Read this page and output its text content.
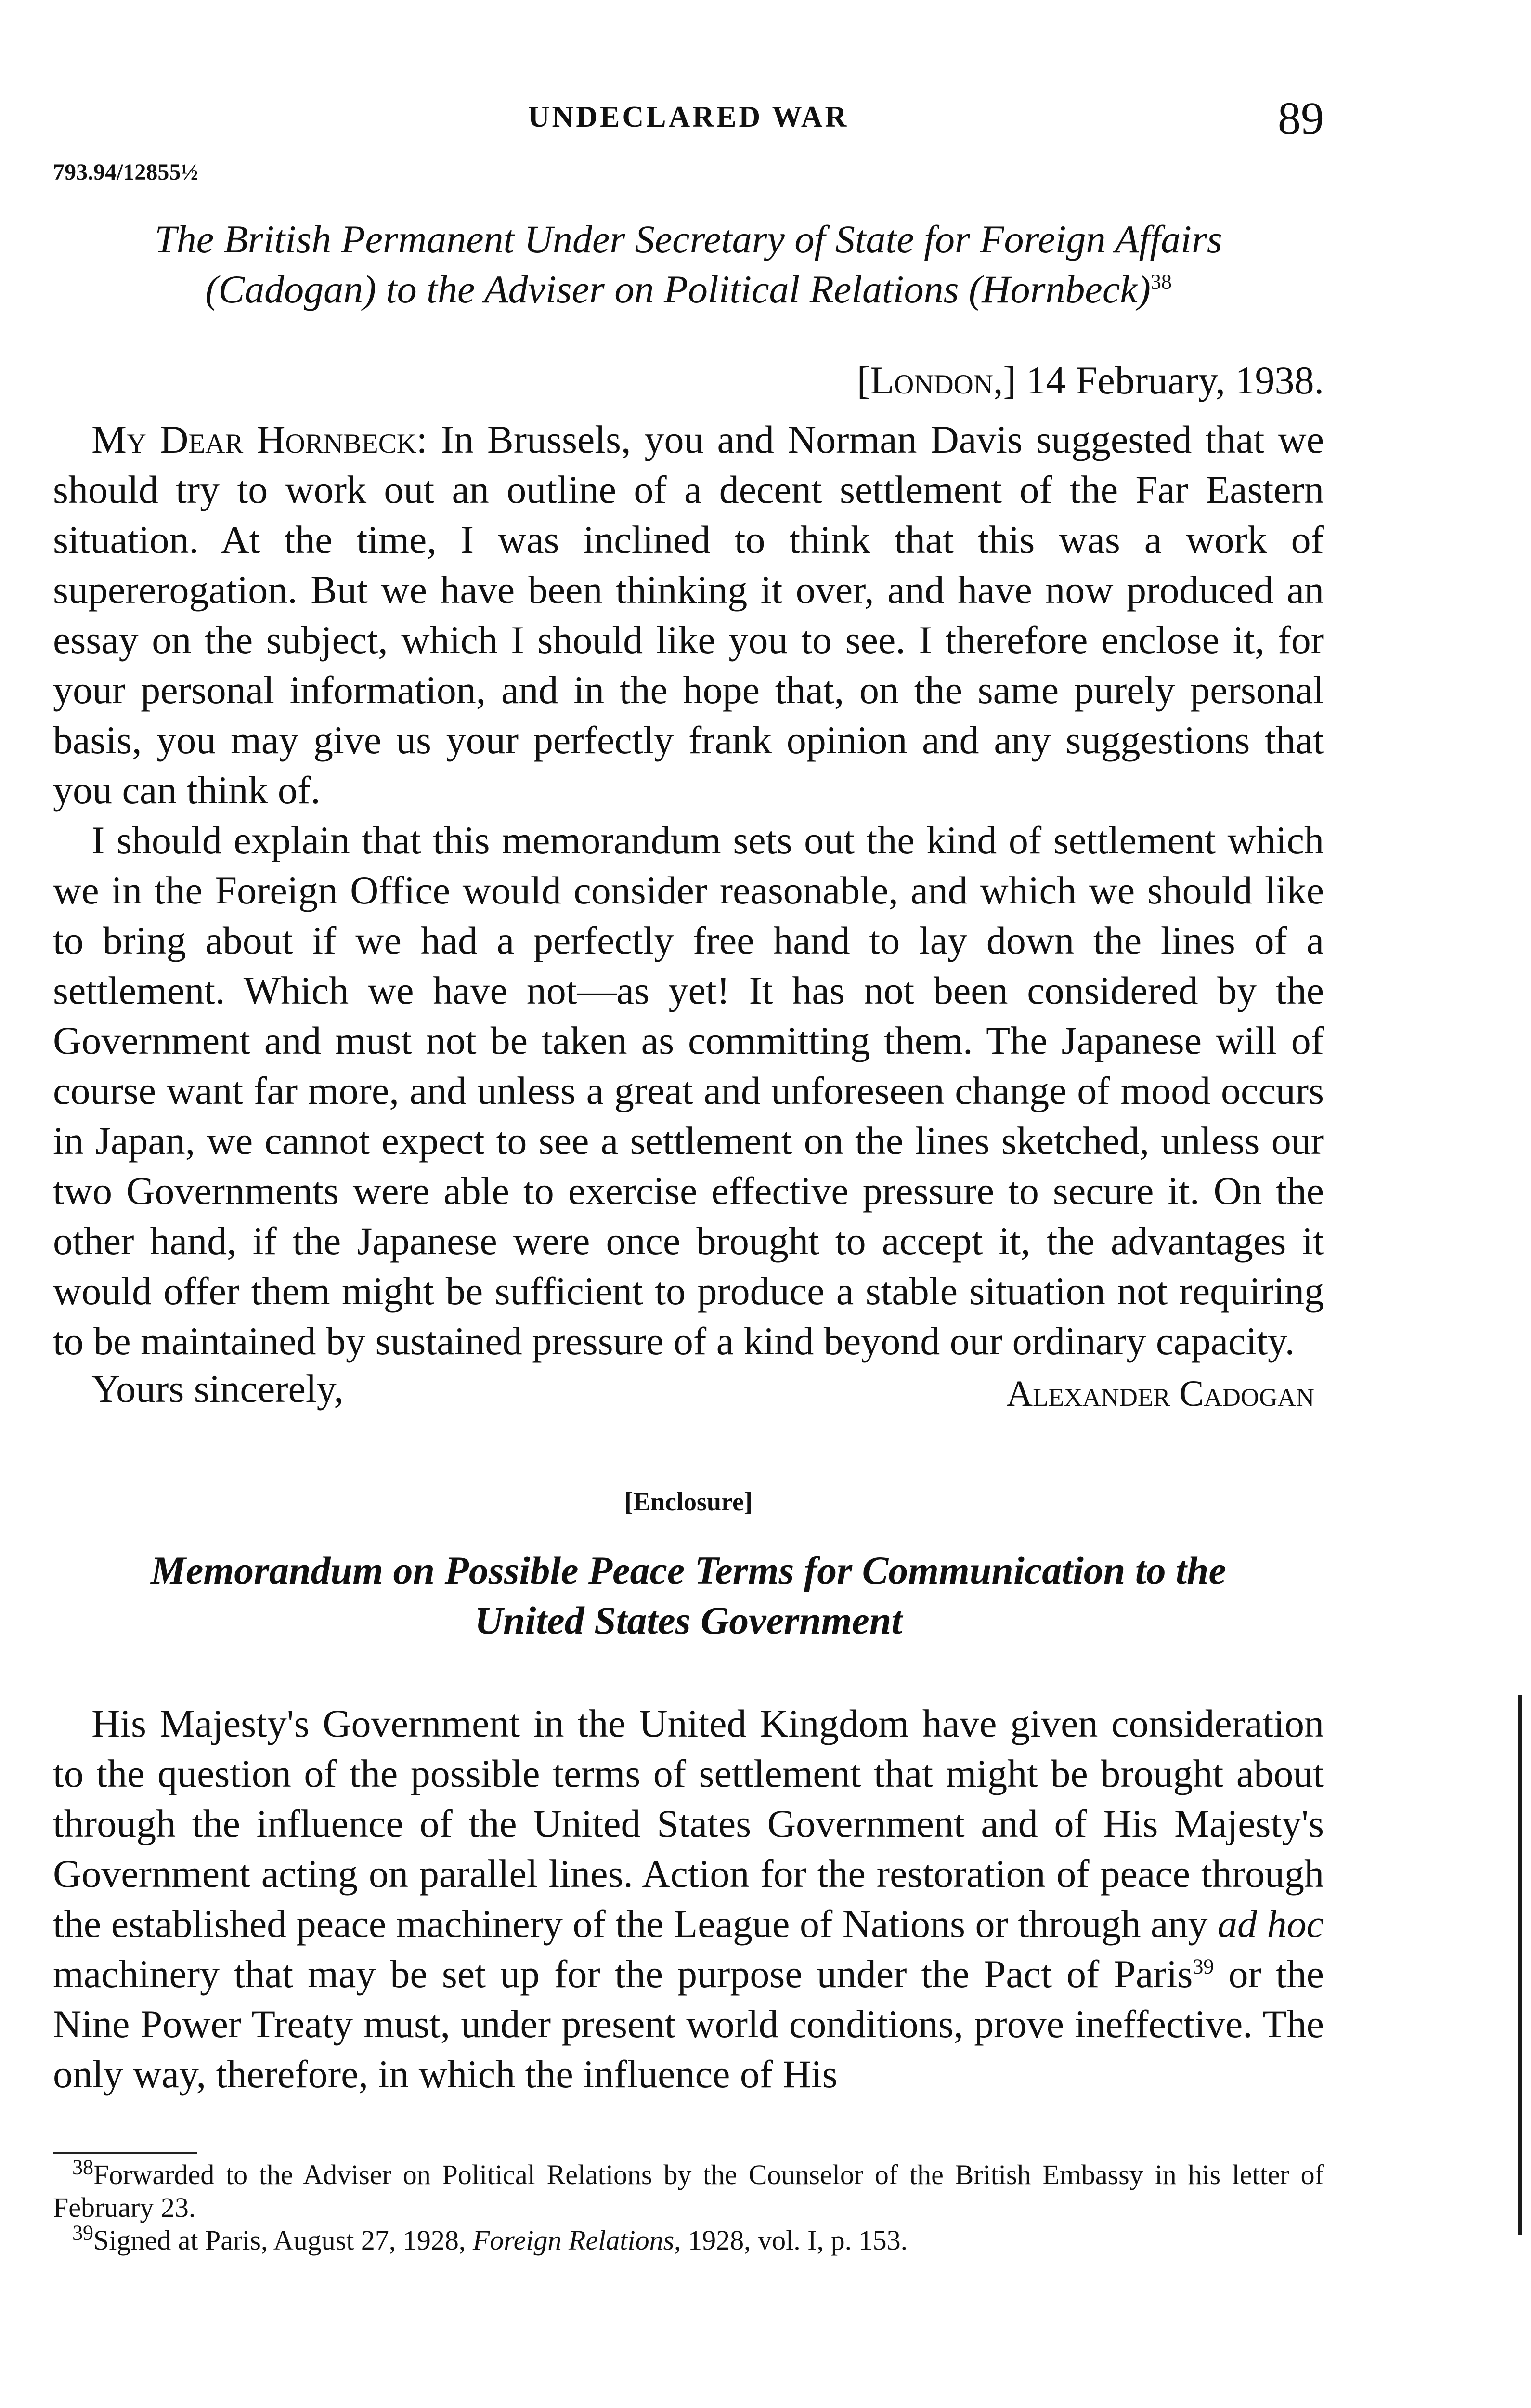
UNDECLARED WAR	89
793.94/12855½
The British Permanent Under Secretary of State for Foreign Affairs
(Cadogan) to the Adviser on Political Relations (Hornbeck)$^{38}$
[London,] 14 February, 1938.

My Dear Hornbeck: In Brussels, you and Norman Davis suggested that we should try to work out an outline of a decent settlement of the Far Eastern situation. At the time, I was inclined to think that this was a work of supererogation. But we have been thinking it over, and have now produced an essay on the subject, which I should like you to see. I therefore enclose it, for your personal information, and in the hope that, on the same purely personal basis, you may give us your perfectly frank opinion and any suggestions that you can think of.

I should explain that this memorandum sets out the kind of settlement which we in the Foreign Office would consider reasonable, and which we should like to bring about if we had a perfectly free hand to lay down the lines of a settlement. Which we have not—as yet! It has not been considered by the Government and must not be taken as committing them. The Japanese will of course want far more, and unless a great and unforeseen change of mood occurs in Japan, we cannot expect to see a settlement on the lines sketched, unless our two Governments were able to exercise effective pressure to secure it. On the other hand, if the Japanese were once brought to accept it, the advantages it would offer them might be sufficient to produce a stable situation not requiring to be maintained by sustained pressure of a kind beyond our ordinary capacity.

Yours sincerely,	Alexander Cadogan
[Enclosure]
Memorandum on Possible Peace Terms for Communication to the
United States Government

His Majesty's Government in the United Kingdom have given consideration to the question of the possible terms of settlement that might be brought about through the influence of the United States Government and of His Majesty's Government acting on parallel lines. Action for the restoration of peace through the established peace machinery of the League of Nations or through any ad hoc machinery that may be set up for the purpose under the Pact of Paris$^{39}$ or the Nine Power Treaty must, under present world conditions, prove ineffective. The only way, therefore, in which the influence of His

$^{38}$Forwarded to the Adviser on Political Relations by the Counselor of the British Embassy in his letter of February 23.

$^{39}$Signed at Paris, August 27, 1928, Foreign Relations, 1928, vol. I, p. 153.
